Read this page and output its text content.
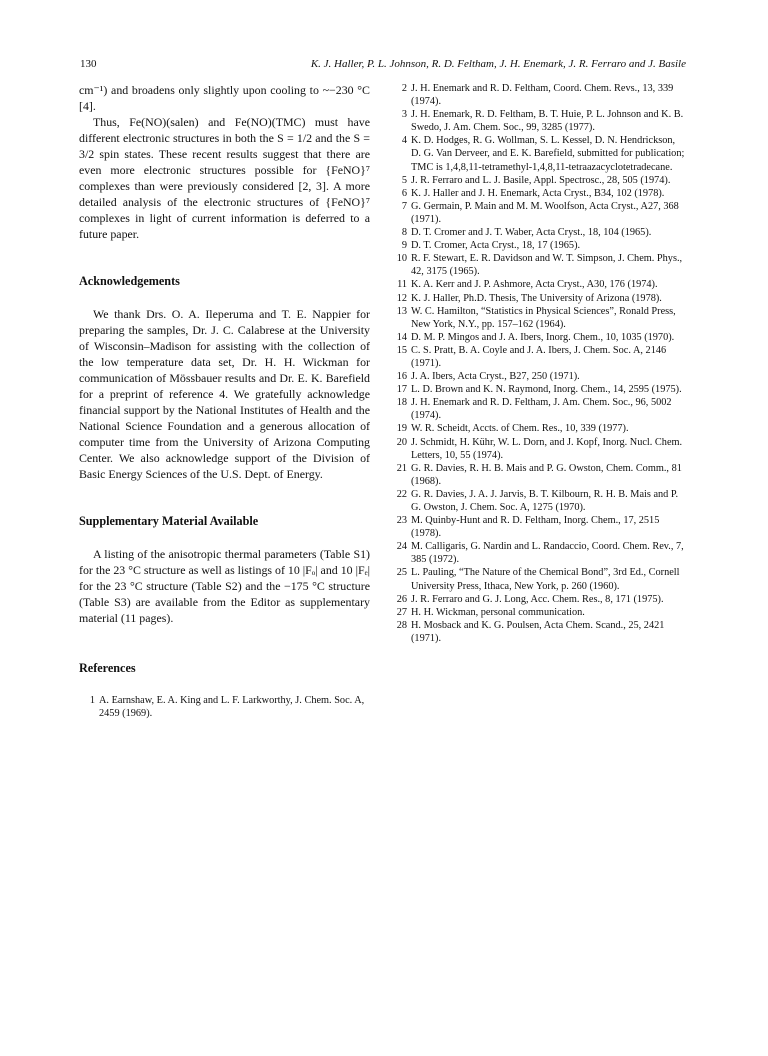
130	K. J. Haller, P. L. Johnson, R. D. Feltham, J. H. Enemark, J. R. Ferraro and J. Basile

cm⁻¹) and broadens only slightly upon cooling to ~−230 °C [4].

Thus, Fe(NO)(salen) and Fe(NO)(TMC) must have different electronic structures in both the S = 1/2 and the S = 3/2 spin states. These recent results suggest that there are even more electronic structures possible for {FeNO}⁷ complexes than were previously considered [2, 3]. A more detailed analysis of the electronic structures of {FeNO}⁷ complexes in light of current information is deferred to a future paper.

Acknowledgements

We thank Drs. O. A. Ileperuma and T. E. Nappier for preparing the samples, Dr. J. C. Calabrese at the University of Wisconsin–Madison for assisting with the collection of the low temperature data set, Dr. H. H. Wickman for communication of Mössbauer results and Dr. E. K. Barefield for a preprint of reference 4. We gratefully acknowledge financial support by the National Institutes of Health and the National Science Foundation and a generous allocation of computer time from the University of Arizona Computing Center. We also acknowledge support of the Division of Basic Energy Sciences of the U.S. Dept. of Energy.

Supplementary Material Available

A listing of the anisotropic thermal parameters (Table S1) for the 23 °C structure as well as listings of 10 |Fₒ| and 10 |Fₑ| for the 23 °C structure (Table S2) and the −175 °C structure (Table S3) are available from the Editor as supplementary material (11 pages).

References
1 A. Earnshaw, E. A. King and L. F. Larkworthy, J. Chem. Soc. A, 2459 (1969).
2 J. H. Enemark and R. D. Feltham, Coord. Chem. Revs., 13, 339 (1974).
3 J. H. Enemark, R. D. Feltham, B. T. Huie, P. L. Johnson and K. B. Swedo, J. Am. Chem. Soc., 99, 3285 (1977).
4 K. D. Hodges, R. G. Wollman, S. L. Kessel, D. N. Hendrickson, D. G. Van Derveer, and E. K. Barefield, submitted for publication; TMC is 1,4,8,11-tetramethyl-1,4,8,11-tetraazacyclotetradecane.
5 J. R. Ferraro and L. J. Basile, Appl. Spectrosc., 28, 505 (1974).
6 K. J. Haller and J. H. Enemark, Acta Cryst., B34, 102 (1978).
7 G. Germain, P. Main and M. M. Woolfson, Acta Cryst., A27, 368 (1971).
8 D. T. Cromer and J. T. Waber, Acta Cryst., 18, 104 (1965).
9 D. T. Cromer, Acta Cryst., 18, 17 (1965).
10 R. F. Stewart, E. R. Davidson and W. T. Simpson, J. Chem. Phys., 42, 3175 (1965).
11 K. A. Kerr and J. P. Ashmore, Acta Cryst., A30, 176 (1974).
12 K. J. Haller, Ph.D. Thesis, The University of Arizona (1978).
13 W. C. Hamilton, “Statistics in Physical Sciences”, Ronald Press, New York, N.Y., pp. 157–162 (1964).
14 D. M. P. Mingos and J. A. Ibers, Inorg. Chem., 10, 1035 (1970).
15 C. S. Pratt, B. A. Coyle and J. A. Ibers, J. Chem. Soc. A, 2146 (1971).
16 J. A. Ibers, Acta Cryst., B27, 250 (1971).
17 L. D. Brown and K. N. Raymond, Inorg. Chem., 14, 2595 (1975).
18 J. H. Enemark and R. D. Feltham, J. Am. Chem. Soc., 96, 5002 (1974).
19 W. R. Scheidt, Accts. of Chem. Res., 10, 339 (1977).
20 J. Schmidt, H. Kühr, W. L. Dorn, and J. Kopf, Inorg. Nucl. Chem. Letters, 10, 55 (1974).
21 G. R. Davies, R. H. B. Mais and P. G. Owston, Chem. Comm., 81 (1968).
22 G. R. Davies, J. A. J. Jarvis, B. T. Kilbourn, R. H. B. Mais and P. G. Owston, J. Chem. Soc. A, 1275 (1970).
23 M. Quinby-Hunt and R. D. Feltham, Inorg. Chem., 17, 2515 (1978).
24 M. Calligaris, G. Nardin and L. Randaccio, Coord. Chem. Rev., 7, 385 (1972).
25 L. Pauling, “The Nature of the Chemical Bond”, 3rd Ed., Cornell University Press, Ithaca, New York, p. 260 (1960).
26 J. R. Ferraro and G. J. Long, Acc. Chem. Res., 8, 171 (1975).
27 H. H. Wickman, personal communication.
28 H. Mosback and K. G. Poulsen, Acta Chem. Scand., 25, 2421 (1971).
